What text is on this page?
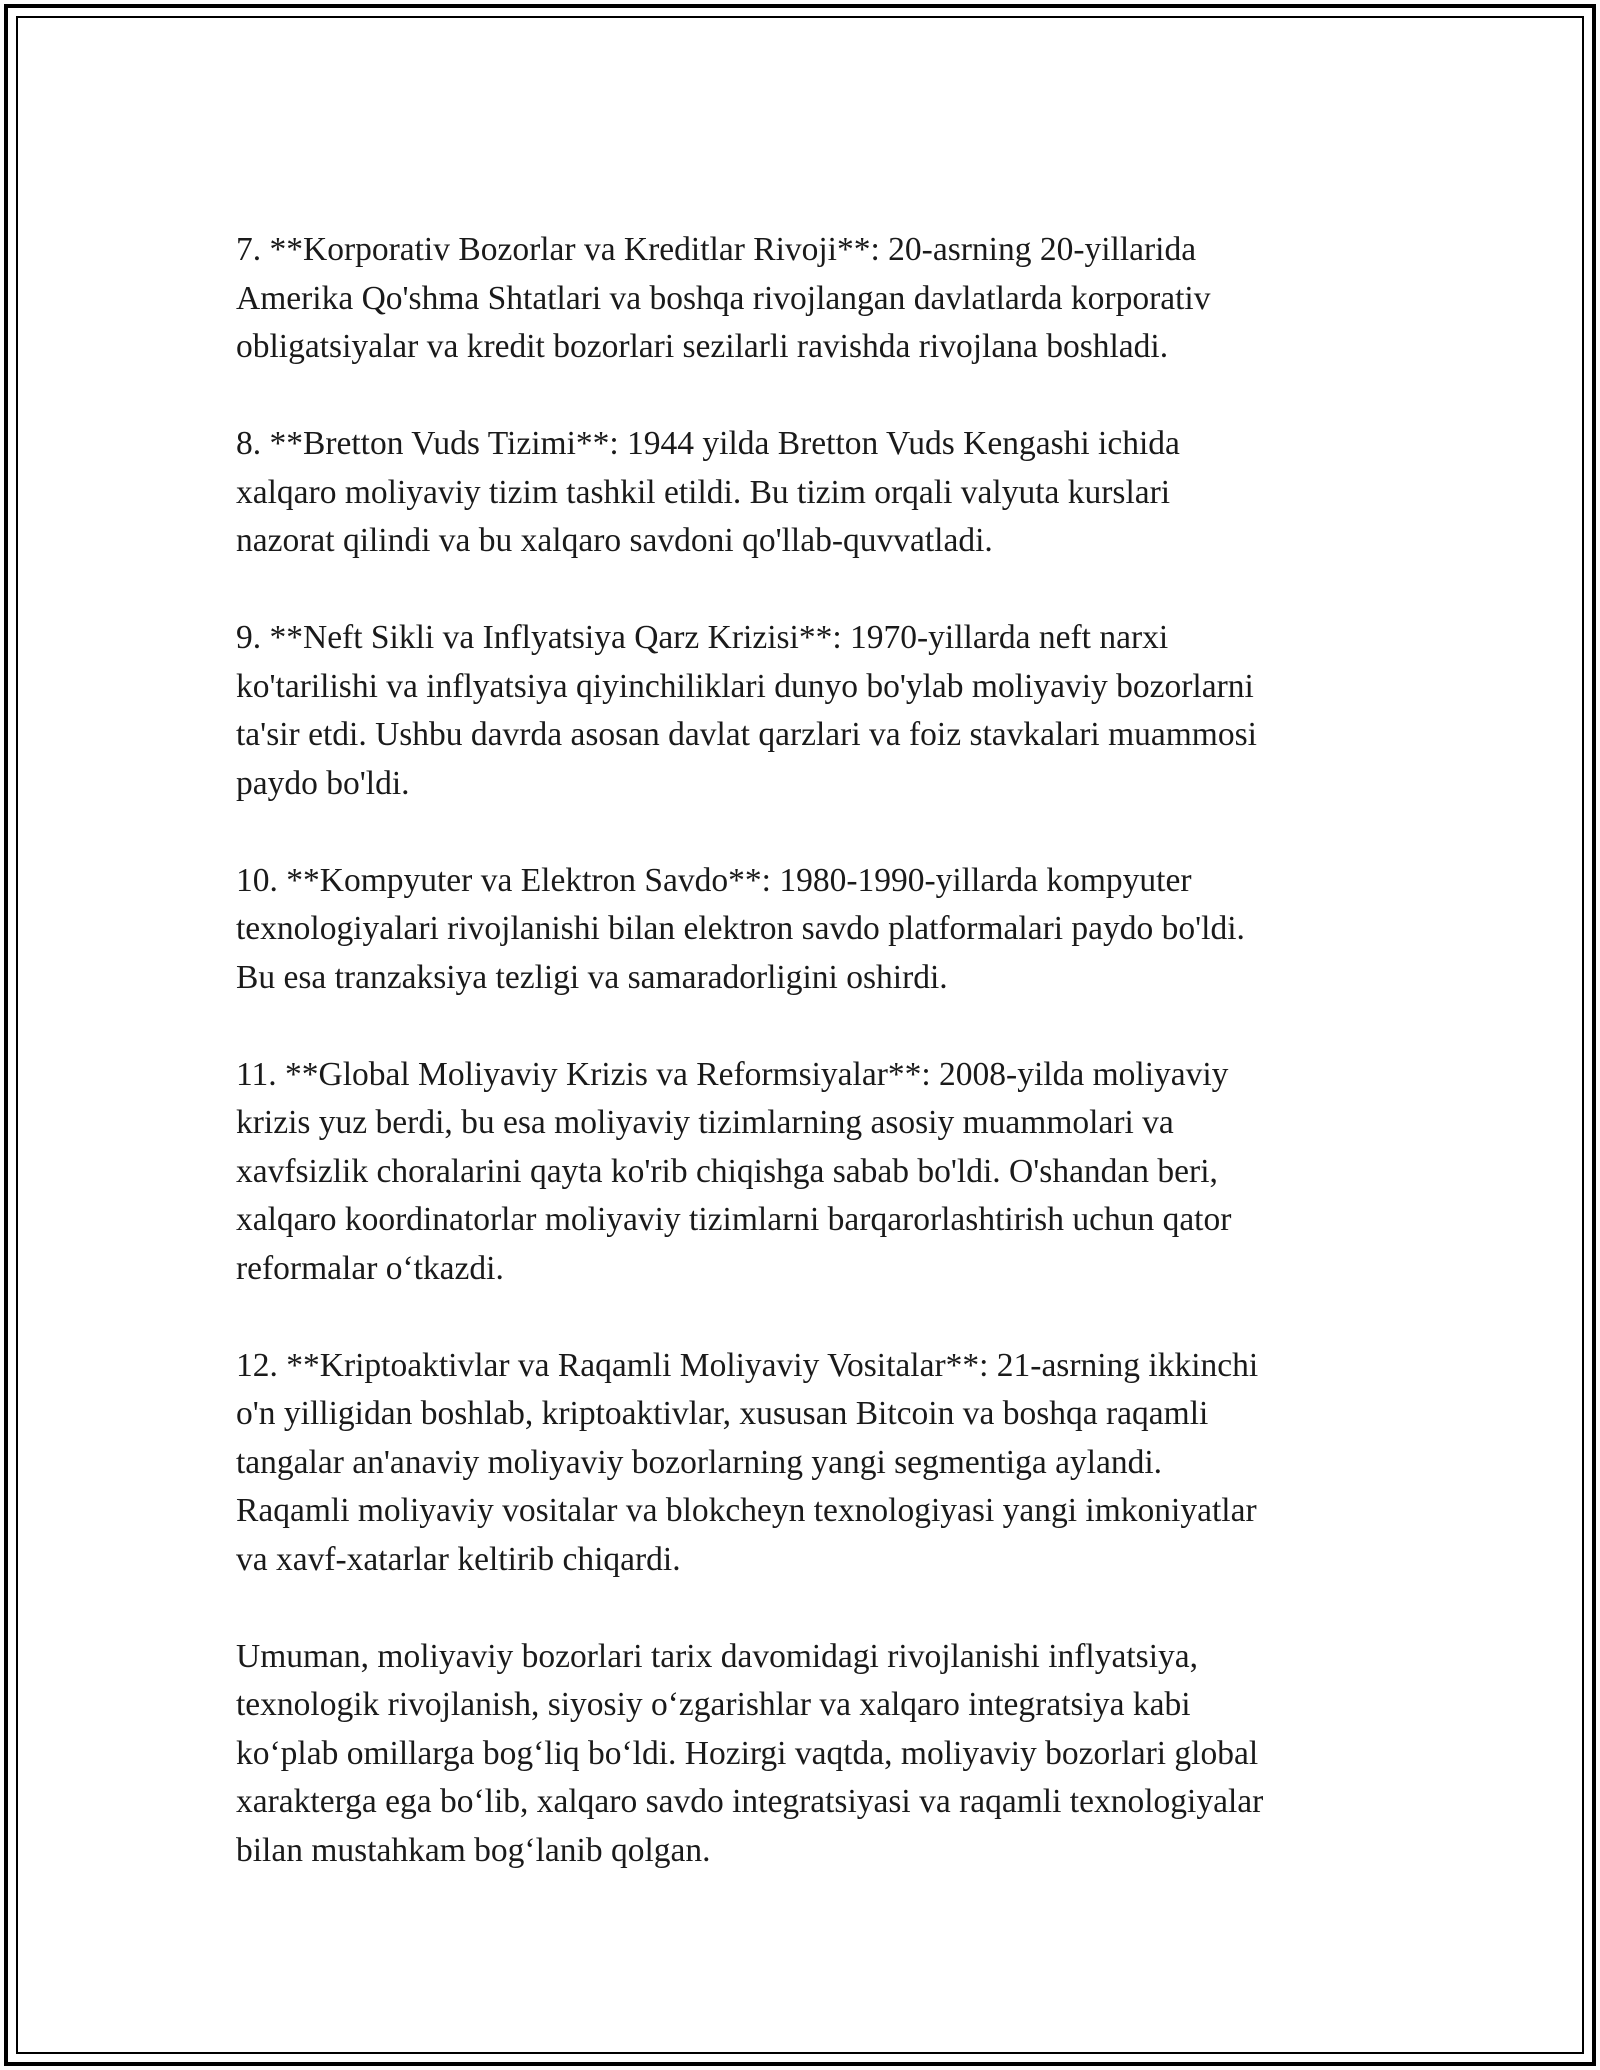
7. **Korporativ Bozorlar va Kreditlar Rivoji**: 20-asrning 20-yillarida
Amerika Qo'shma Shtatlari va boshqa rivojlangan davlatlarda korporativ
obligatsiyalar va kredit bozorlari sezilarli ravishda rivojlana boshladi.

8. **Bretton Vuds Tizimi**: 1944 yilda Bretton Vuds Kengashi ichida
xalqaro moliyaviy tizim tashkil etildi. Bu tizim orqali valyuta kurslari
nazorat qilindi va bu xalqaro savdoni qo'llab-quvvatladi.

9. **Neft Sikli va Inflyatsiya Qarz Krizisi**: 1970-yillarda neft narxi
ko'tarilishi va inflyatsiya qiyinchiliklari dunyo bo'ylab moliyaviy bozorlarni
ta'sir etdi. Ushbu davrda asosan davlat qarzlari va foiz stavkalari muammosi
paydo bo'ldi.

10. **Kompyuter va Elektron Savdo**: 1980-1990-yillarda kompyuter
texnologiyalari rivojlanishi bilan elektron savdo platformalari paydo bo'ldi.
Bu esa tranzaksiya tezligi va samaradorligini oshirdi.

11. **Global Moliyaviy Krizis va Reformsiyalar**: 2008-yilda moliyaviy
krizis yuz berdi, bu esa moliyaviy tizimlarning asosiy muammolari va
xavfsizlik choralarini qayta ko'rib chiqishga sabab bo'ldi. O'shandan beri,
xalqaro koordinatorlar moliyaviy tizimlarni barqarorlashtirish uchun qator
reformalar o‘tkazdi.

12. **Kriptoaktivlar va Raqamli Moliyaviy Vositalar**: 21-asrning ikkinchi
o'n yilligidan boshlab, kriptoaktivlar, xususan Bitcoin va boshqa raqamli
tangalar an'anaviy moliyaviy bozorlarning yangi segmentiga aylandi.
Raqamli moliyaviy vositalar va blokcheyn texnologiyasi yangi imkoniyatlar
va xavf-xatarlar keltirib chiqardi.

Umuman, moliyaviy bozorlari tarix davomidagi rivojlanishi inflyatsiya,
texnologik rivojlanish, siyosiy o‘zgarishlar va xalqaro integratsiya kabi
ko‘plab omillarga bog‘liq bo‘ldi. Hozirgi vaqtda, moliyaviy bozorlari global
xarakterga ega bo‘lib, xalqaro savdo integratsiyasi va raqamli texnologiyalar
bilan mustahkam bog‘lanib qolgan.
